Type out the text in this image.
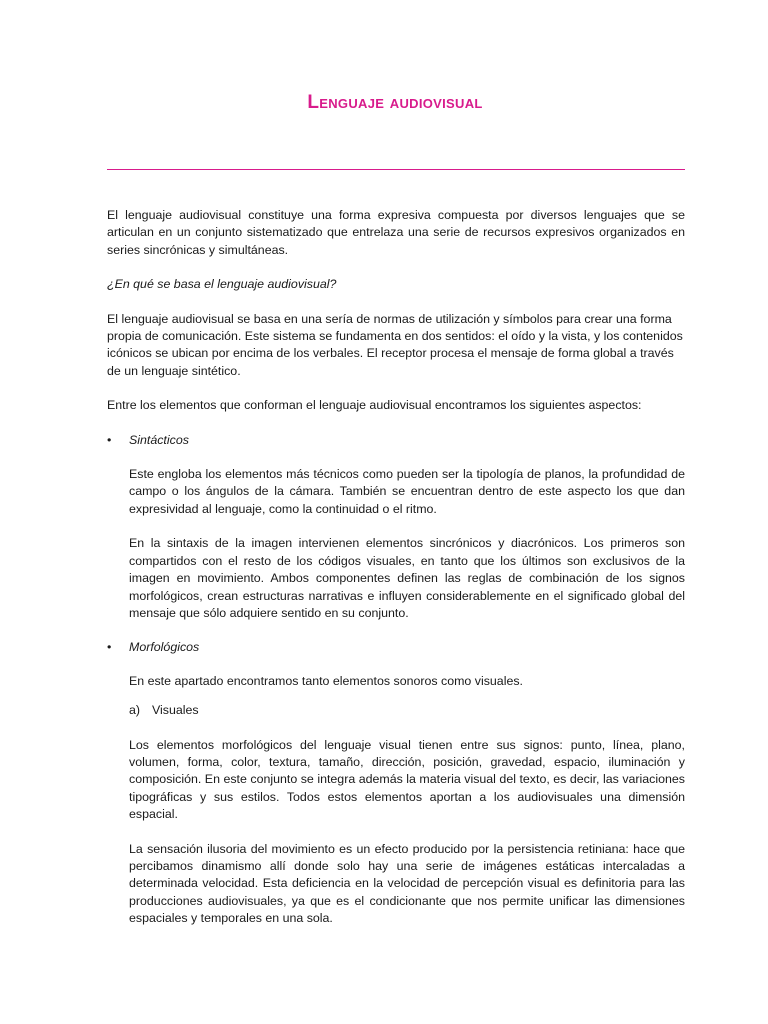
Lenguaje audiovisual

El lenguaje audiovisual constituye una forma expresiva compuesta por diversos lenguajes que se articulan en un conjunto sistematizado que entrelaza una serie de recursos expresivos organizados en series sincrónicas y simultáneas.

¿En qué se basa el lenguaje audiovisual?

El lenguaje audiovisual se basa en una sería de normas de utilización y símbolos para crear una forma propia de comunicación. Este sistema se fundamenta en dos sentidos: el oído y la vista, y los contenidos icónicos se ubican por encima de los verbales. El receptor procesa el mensaje de forma global a través de un lenguaje sintético.

Entre los elementos que conforman el lenguaje audiovisual encontramos los siguientes aspectos:

• Sintácticos

Este engloba los elementos más técnicos como pueden ser la tipología de planos, la profundidad de campo o los ángulos de la cámara. También se encuentran dentro de este aspecto los que dan expresividad al lenguaje, como la continuidad o el ritmo.

En la sintaxis de la imagen intervienen elementos sincrónicos y diacrónicos. Los primeros son compartidos con el resto de los códigos visuales, en tanto que los últimos son exclusivos de la imagen en movimiento. Ambos componentes definen las reglas de combinación de los signos morfológicos, crean estructuras narrativas e influyen considerablemente en el significado global del mensaje que sólo adquiere sentido en su conjunto.

• Morfológicos

En este apartado encontramos tanto elementos sonoros como visuales.

a) Visuales

Los elementos morfológicos del lenguaje visual tienen entre sus signos: punto, línea, plano, volumen, forma, color, textura, tamaño, dirección, posición, gravedad, espacio, iluminación y composición. En este conjunto se integra además la materia visual del texto, es decir, las variaciones tipográficas y sus estilos. Todos estos elementos aportan a los audiovisuales una dimensión espacial.

La sensación ilusoria del movimiento es un efecto producido por la persistencia retiniana: hace que percibamos dinamismo allí donde solo hay una serie de imágenes estáticas intercaladas a determinada velocidad. Esta deficiencia en la velocidad de percepción visual es definitoria para las producciones audiovisuales, ya que es el condicionante que nos permite unificar las dimensiones espaciales y temporales en una sola.
